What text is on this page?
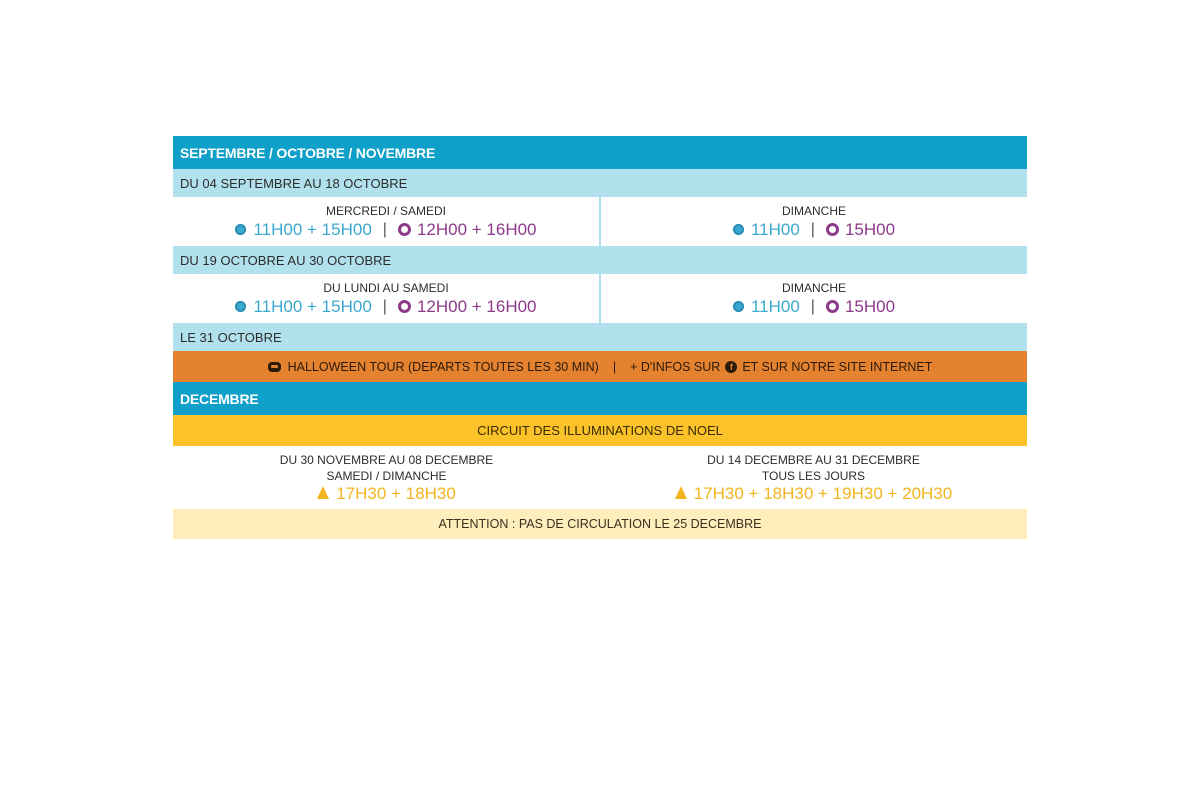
SEPTEMBRE / OCTOBRE / NOVEMBRE
DU 04 SEPTEMBRE AU 18 OCTOBRE
MERCREDI / SAMEDI
11H00 + 15H00 | 12H00 + 16H00
DIMANCHE
11H00 | 15H00
DU 19 OCTOBRE AU 30 OCTOBRE
DU LUNDI AU SAMEDI
11H00 + 15H00 | 12H00 + 16H00
DIMANCHE
11H00 | 15H00
LE 31 OCTOBRE
HALLOWEEN TOUR (DEPARTS TOUTES LES 30 MIN) | + D'INFOS SUR	f ET SUR NOTRE SITE INTERNET
DECEMBRE
CIRCUIT DES ILLUMINATIONS DE NOEL
DU 30 NOVEMBRE AU 08 DECEMBRE
SAMEDI / DIMANCHE
17H30 + 18H30
DU 14 DECEMBRE AU 31 DECEMBRE
TOUS LES JOURS
17H30 + 18H30 + 19H30 + 20H30
ATTENTION : PAS DE CIRCULATION LE 25 DECEMBRE
